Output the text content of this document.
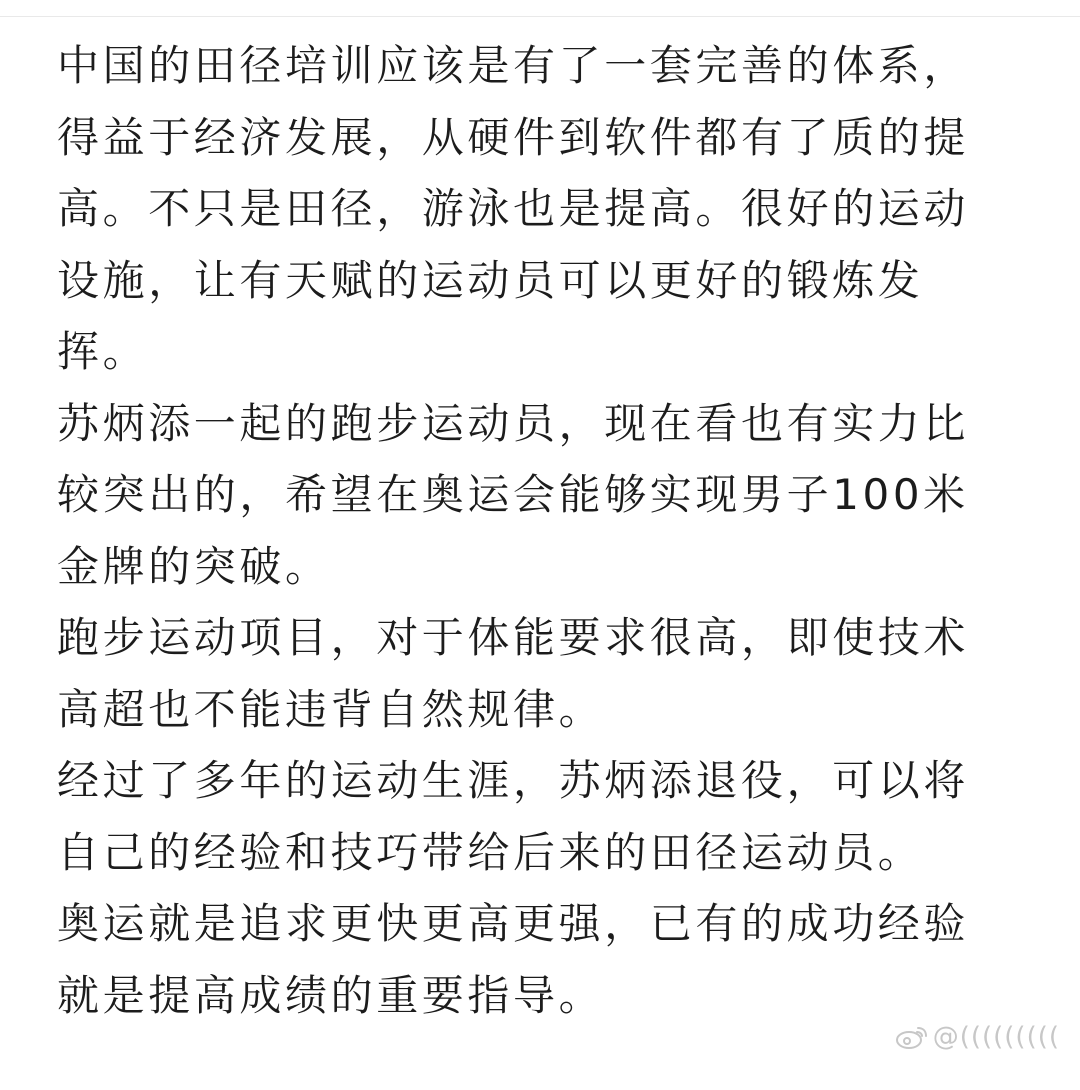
中国的田径培训应该是有了一套完善的体系，
得益于经济发展，从硬件到软件都有了质的提
高。不只是田径，游泳也是提高。很好的运动
设施，让有天赋的运动员可以更好的锻炼发
挥。

苏炳添一起的跑步运动员，现在看也有实力比
较突出的，希望在奥运会能够实现男子100米
金牌的突破。

跑步运动项目，对于体能要求很高，即使技术
高超也不能违背自然规律。

经过了多年的运动生涯，苏炳添退役，可以将
自己的经验和技巧带给后来的田径运动员。

奥运就是追求更快更高更强，已有的成功经验
就是提高成绩的重要指导。

@(((((((((
